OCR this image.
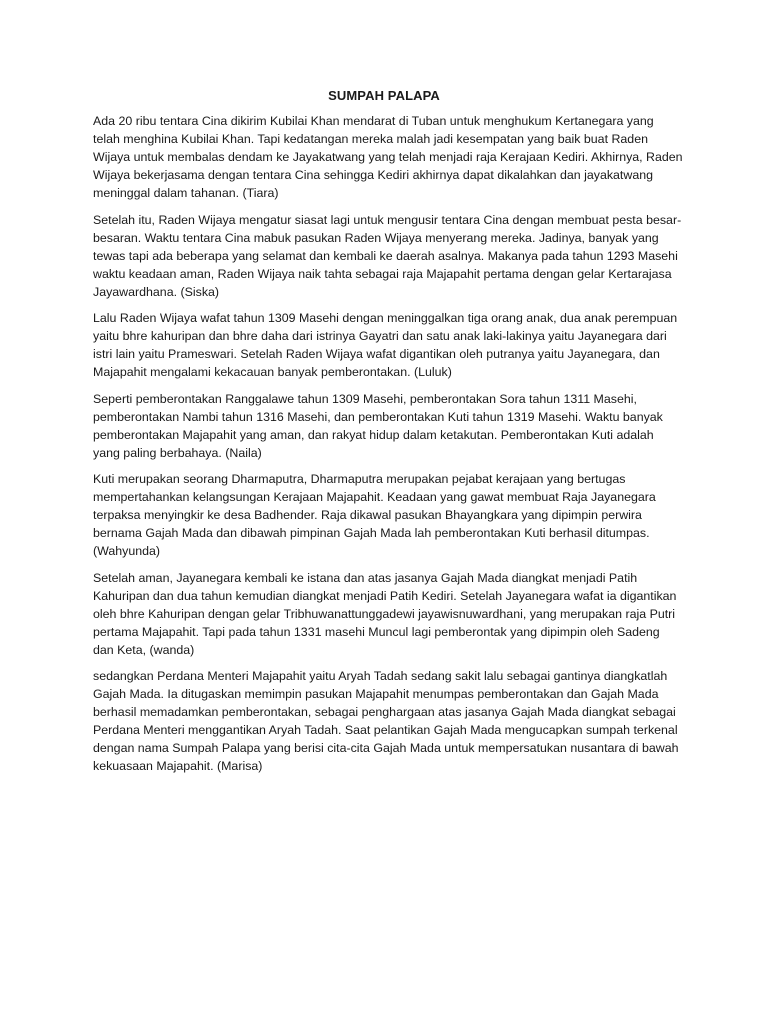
SUMPAH PALAPA

Ada 20 ribu tentara Cina dikirim Kubilai Khan mendarat di Tuban untuk menghukum Kertanegara yang telah menghina Kubilai Khan. Tapi kedatangan mereka malah jadi kesempatan yang baik buat Raden Wijaya untuk membalas dendam ke Jayakatwang yang telah menjadi raja Kerajaan Kediri. Akhirnya, Raden Wijaya bekerjasama dengan tentara Cina sehingga Kediri akhirnya dapat dikalahkan dan jayakatwang meninggal dalam tahanan. (Tiara)

Setelah itu, Raden Wijaya mengatur siasat lagi untuk mengusir tentara Cina dengan membuat pesta besar-besaran. Waktu tentara Cina mabuk pasukan Raden Wijaya menyerang mereka. Jadinya, banyak yang tewas tapi ada beberapa yang selamat dan kembali ke daerah asalnya. Makanya pada tahun 1293 Masehi waktu keadaan aman, Raden Wijaya naik tahta sebagai raja Majapahit pertama dengan gelar Kertarajasa Jayawardhana. (Siska)

Lalu Raden Wijaya wafat tahun 1309 Masehi dengan meninggalkan tiga orang anak, dua anak perempuan yaitu bhre kahuripan dan bhre daha dari istrinya Gayatri dan satu anak laki-lakinya yaitu Jayanegara dari istri lain yaitu Prameswari. Setelah Raden Wijaya wafat digantikan oleh putranya yaitu Jayanegara, dan Majapahit mengalami kekacauan banyak pemberontakan. (Luluk)

Seperti pemberontakan Ranggalawe tahun 1309 Masehi, pemberontakan Sora tahun 1311 Masehi, pemberontakan Nambi tahun 1316 Masehi, dan pemberontakan Kuti tahun 1319 Masehi. Waktu banyak pemberontakan Majapahit yang aman, dan rakyat hidup dalam ketakutan. Pemberontakan Kuti adalah yang paling berbahaya. (Naila)

Kuti merupakan seorang Dharmaputra, Dharmaputra merupakan pejabat kerajaan yang bertugas mempertahankan kelangsungan Kerajaan Majapahit. Keadaan yang gawat membuat Raja Jayanegara terpaksa menyingkir ke desa Badhender. Raja dikawal pasukan Bhayangkara yang dipimpin perwira bernama Gajah Mada dan dibawah pimpinan Gajah Mada lah pemberontakan Kuti berhasil ditumpas. (Wahyunda)

Setelah aman, Jayanegara kembali ke istana dan atas jasanya Gajah Mada diangkat menjadi Patih Kahuripan dan dua tahun kemudian diangkat menjadi Patih Kediri. Setelah Jayanegara wafat ia digantikan oleh bhre Kahuripan dengan gelar Tribhuwanattunggadewi jayawisnuwardhani, yang merupakan raja Putri pertama Majapahit. Tapi pada tahun 1331 masehi Muncul lagi pemberontak yang dipimpin oleh Sadeng dan Keta, (wanda)

sedangkan Perdana Menteri Majapahit yaitu Aryah Tadah sedang sakit lalu sebagai gantinya diangkatlah Gajah Mada. Ia ditugaskan memimpin pasukan Majapahit menumpas pemberontakan dan Gajah Mada berhasil memadamkan pemberontakan, sebagai penghargaan atas jasanya Gajah Mada diangkat sebagai Perdana Menteri menggantikan Aryah Tadah. Saat pelantikan Gajah Mada mengucapkan sumpah terkenal dengan nama Sumpah Palapa yang berisi cita-cita Gajah Mada untuk mempersatukan nusantara di bawah kekuasaan Majapahit. (Marisa)
